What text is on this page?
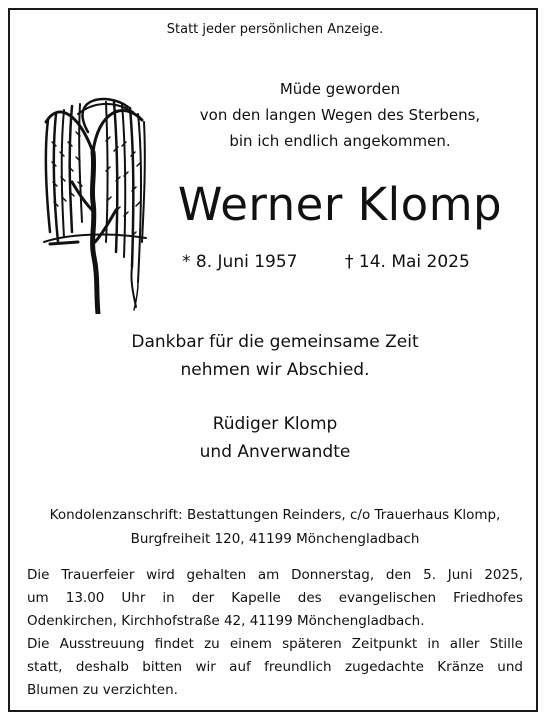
Statt jeder persönlichen Anzeige.
Müde geworden
von den langen Wegen des Sterbens,
bin ich endlich angekommen.
Werner Klomp
* 8. Juni 1957	† 14. Mai 2025
Dankbar für die gemeinsame Zeit
nehmen wir Abschied.
Rüdiger Klomp
und Anverwandte
Kondolenzanschrift: Bestattungen Reinders, c/o Trauerhaus Klomp,
Burgfreiheit 120, 41199 Mönchengladbach
Die Trauerfeier wird gehalten am Donnerstag, den 5. Juni 2025,
um 13.00 Uhr in der Kapelle des evangelischen Friedhofes
Odenkirchen, Kirchhofstraße 42, 41199 Mönchengladbach.
Die Ausstreuung findet zu einem späteren Zeitpunkt in aller Stille
statt, deshalb bitten wir auf freundlich zugedachte Kränze und
Blumen zu verzichten.
